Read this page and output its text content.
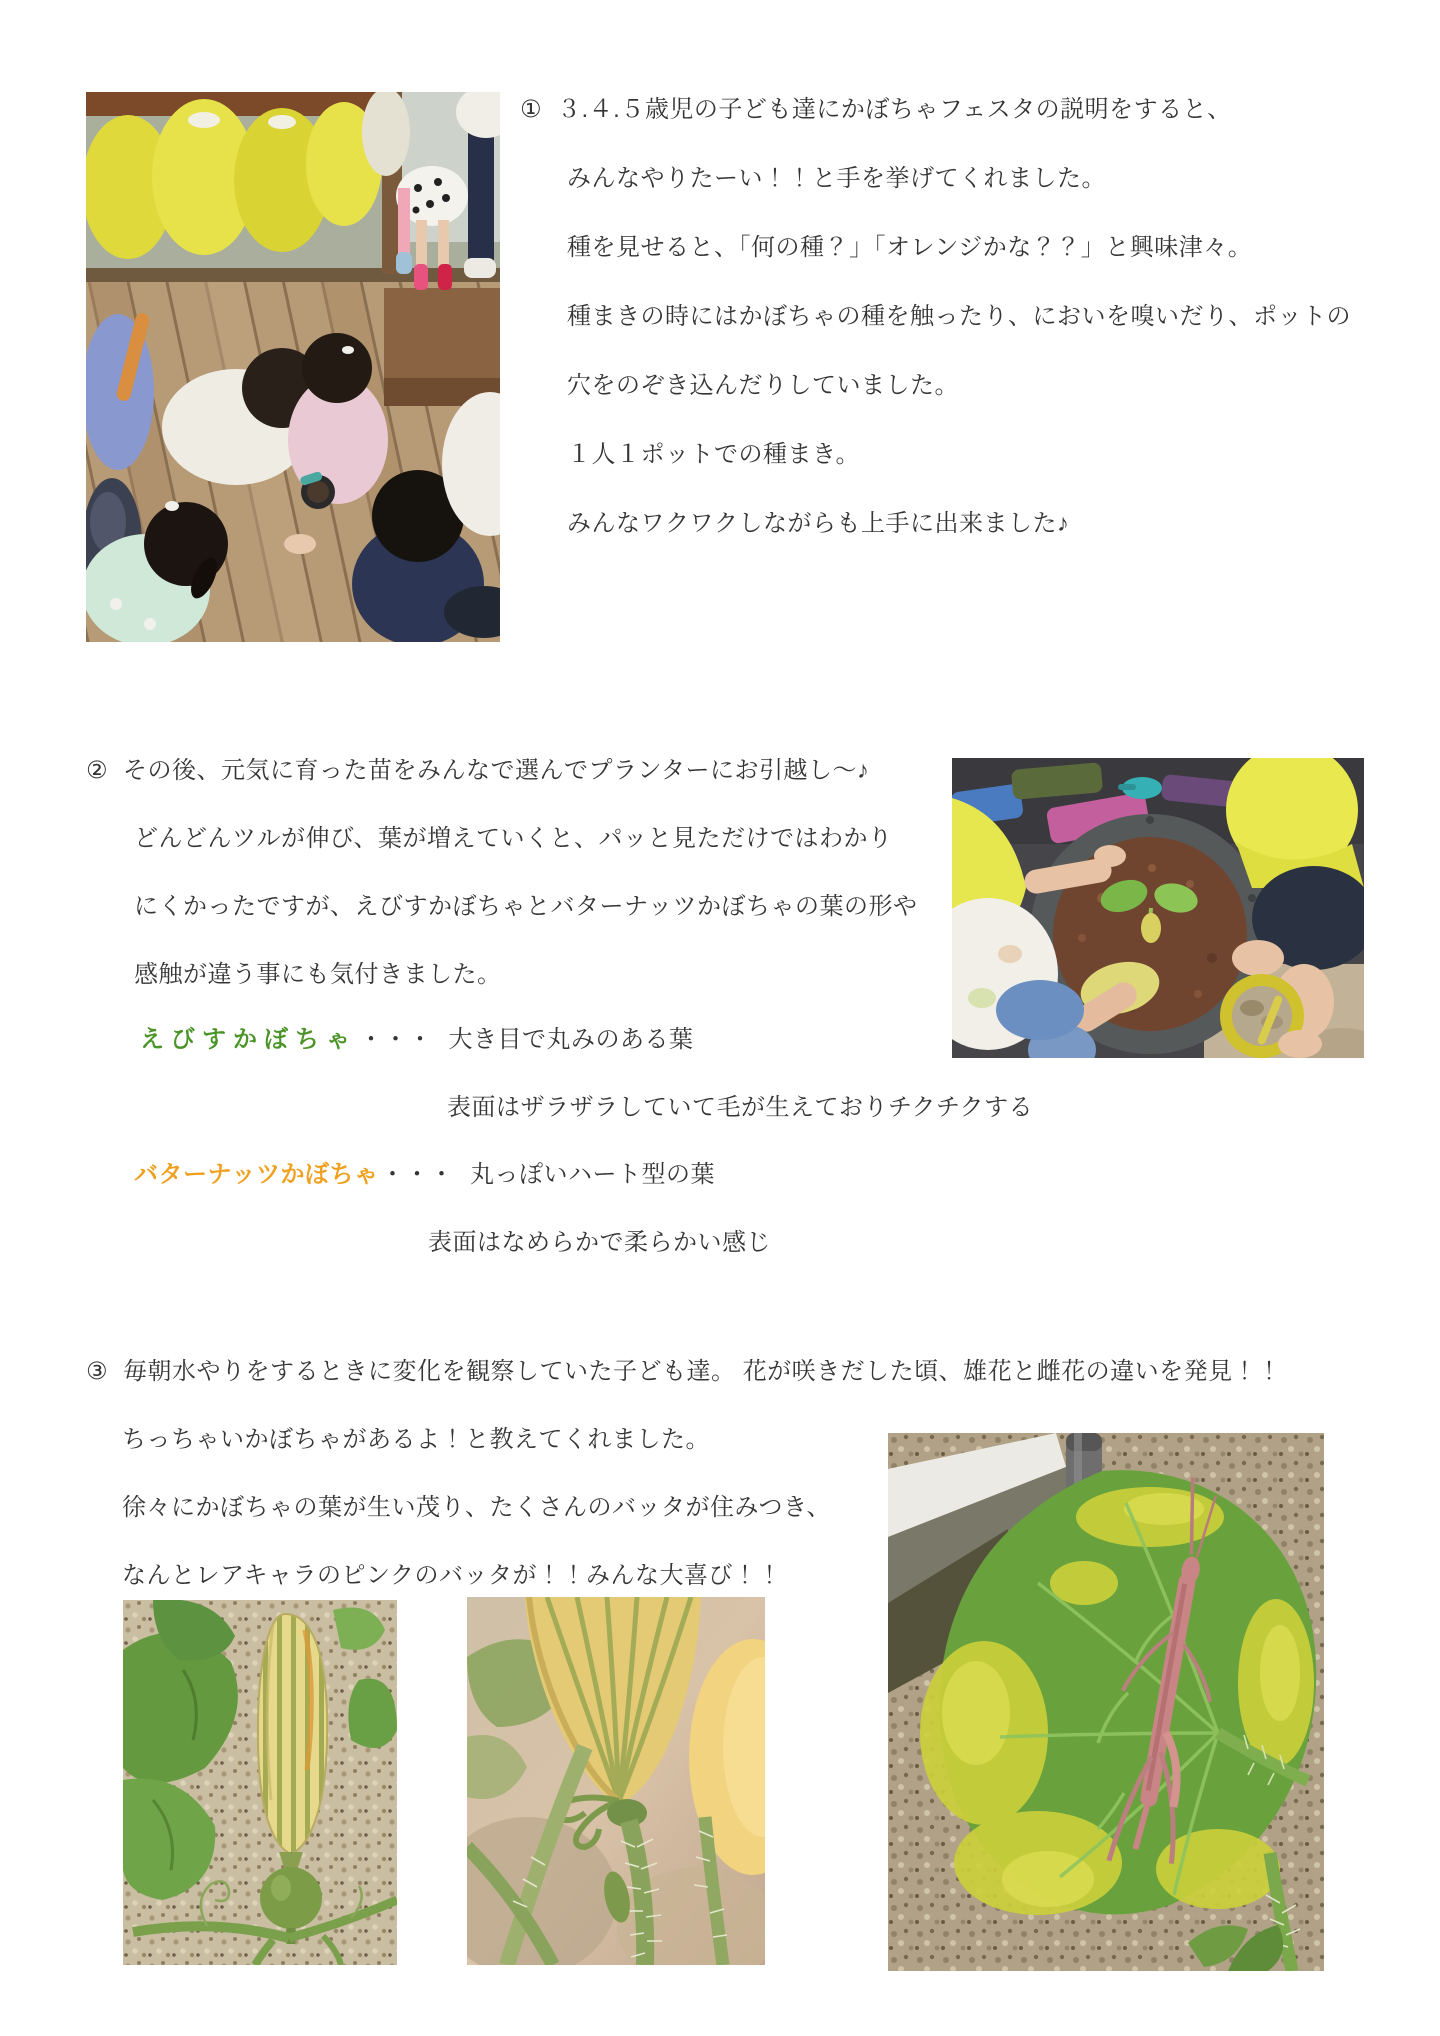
① ３.４.５歳児の子ども達にかぼちゃフェスタの説明をすると、
みんなやりたーい！！と手を挙げてくれました。
種を見せると、「何の種？」「オレンジかな？？」と興味津々。
種まきの時にはかぼちゃの種を触ったり、においを嗅いだり、ポットの
穴をのぞき込んだりしていました。
１人１ポットでの種まき。
みんなワクワクしながらも上手に出来ました♪
② その後、元気に育った苗をみんなで選んでプランターにお引越し～♪
どんどんツルが伸び、葉が増えていくと、パッと見ただけではわかり
にくかったですが、えびすかぼちゃとバターナッツかぼちゃの葉の形や
感触が違う事にも気付きました。
えびすかぼちゃ・・・ 大き目で丸みのある葉
表面はザラザラしていて毛が生えておりチクチクする
バターナッツかぼちゃ・・・ 丸っぽいハート型の葉
表面はなめらかで柔らかい感じ
③ 毎朝水やりをするときに変化を観察していた子ども達。 花が咲きだした頃、雄花と雌花の違いを発見！！
ちっちゃいかぼちゃがあるよ！と教えてくれました。
徐々にかぼちゃの葉が生い茂り、たくさんのバッタが住みつき、
なんとレアキャラのピンクのバッタが！！みんな大喜び！！
